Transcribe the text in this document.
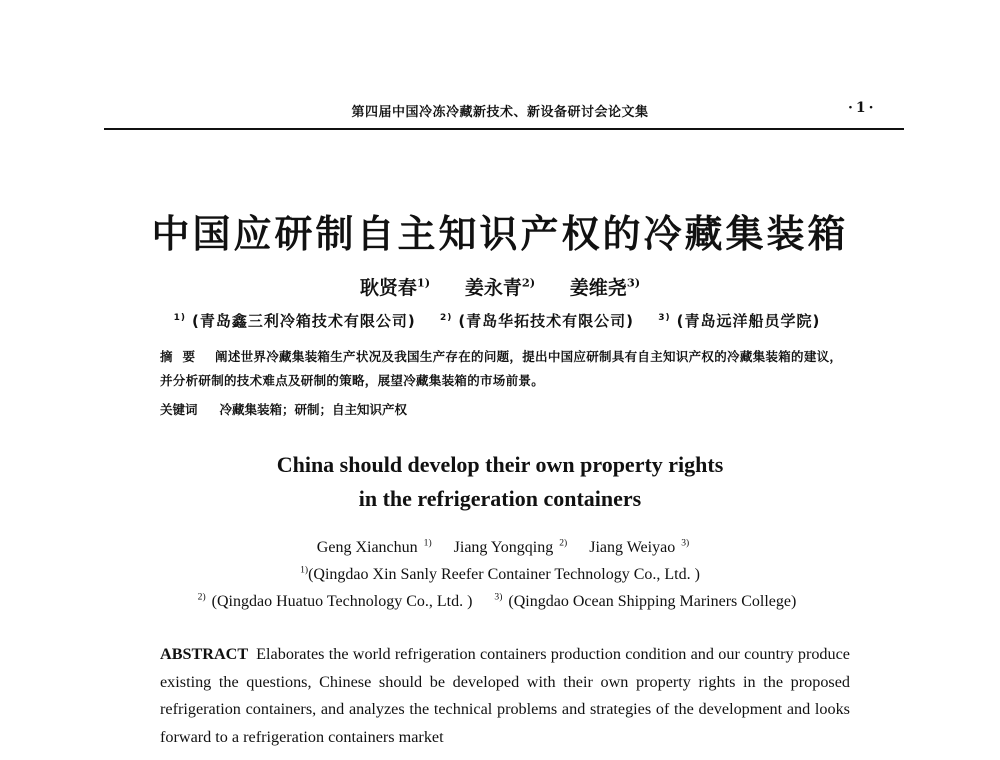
第四届中国冷冻冷藏新技术、新设备研讨会论文集	·1·
中国应研制自主知识产权的冷藏集装箱
耿贤春$^{1)}$ 姜永青$^{2)}$ 姜维尧$^{3)}$
$^{1)}$ (青岛鑫三利冷箱技术有限公司)	$^{2)}$ (青岛华拓技术有限公司)	$^{3)}$ (青岛远洋船员学院)
摘要 阐述世界冷藏集装箱生产状况及我国生产存在的问题，提出中国应研制具有自主知识产权的冷藏集装箱的建议，并分析研制的技术难点及研制的策略，展望冷藏集装箱的市场前景。
关键词 冷藏集装箱；研制；自主知识产权
China should develop their own property rights
in the refrigeration containers
Geng Xianchun $^{1)}$ Jiang Yongqing $^{2)}$ Jiang Weiyao $^{3)}$
$^{1)}$(Qingdao Xin Sanly Reefer Container Technology Co., Ltd. )
$^{2)}$ (Qingdao Huatuo Technology Co., Ltd. ) $^{3)}$ (Qingdao Ocean Shipping Mariners College)
ABSTRACT Elaborates the world refrigeration containers production condition and our country produce existing the questions, Chinese should be developed with their own property rights in the proposed refrigeration containers, and analyzes the technical problems and strategies of the development and looks forward to a refrigeration containers market
